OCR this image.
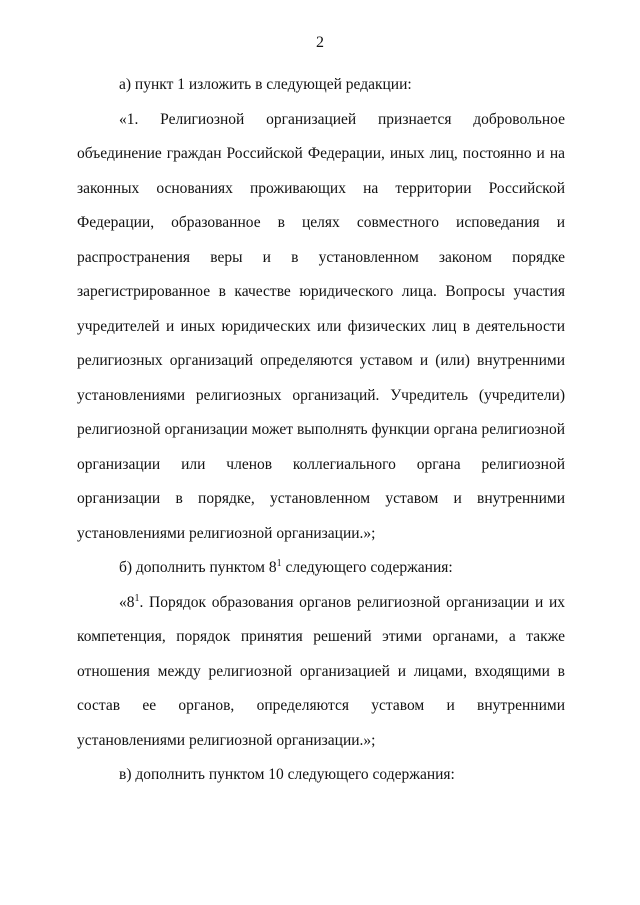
2

а) пункт 1 изложить в следующей редакции:

«1. Религиозной организацией признается добровольное объединение граждан Российской Федерации, иных лиц, постоянно и на законных основаниях проживающих на территории Российской Федерации, образованное в целях совместного исповедания и распространения веры и в установленном законом порядке зарегистрированное в качестве юридического лица. Вопросы участия учредителей и иных юридических или физических лиц в деятельности религиозных организаций определяются уставом и (или) внутренними установлениями религиозных организаций. Учредитель (учредители) религиозной организации может выполнять функции органа религиозной организации или членов коллегиального органа религиозной организации в порядке, установленном уставом и внутренними установлениями религиозной организации.»;

б) дополнить пунктом $8^1$ следующего содержания:

«$8^1$. Порядок образования органов религиозной организации и их компетенция, порядок принятия решений этими органами, а также отношения между религиозной организацией и лицами, входящими в состав ее органов, определяются уставом и внутренними установлениями религиозной организации.»;

в) дополнить пунктом 10 следующего содержания:
